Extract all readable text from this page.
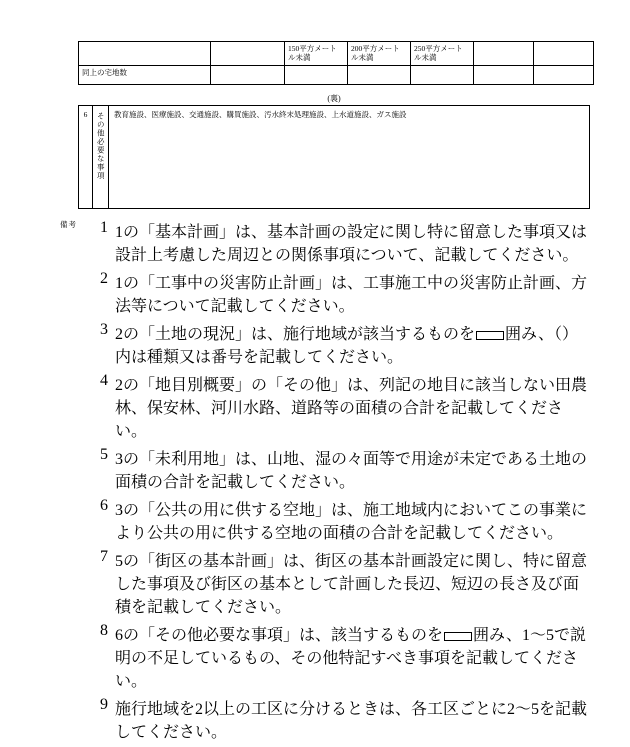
		150平方メートル未満	200平方メートル未満	250平方メートル未満		
同上の宅地数						
(裏)
6	その他必要な事項	教育施設、医療施設、交通施設、購買施設、汚水終末処理施設、上水道施設、ガス施設
備考	1 1の「基本計画」は、基本計画の設定に関し特に留意した事項又は設計上考慮した周辺との関係事項について、記載してください。
2 1の「工事中の災害防止計画」は、工事施工中の災害防止計画、方法等について記載してください。
3 2の「土地の現況」は、施行地域が該当するものを 囲み、（）内は種類又は番号を記載してください。
4 2の「地目別概要」の「その他」は、列記の地目に該当しない田農林、保安林、河川水路、道路等の面積の合計を記載してください。
5 3の「未利用地」は、山地、湿の々面等で用途が未定である土地の面積の合計を記載してください。
6 3の「公共の用に供する空地」は、施工地域内においてこの事業により公共の用に供する空地の面積の合計を記載してください。
7 5の「街区の基本計画」は、街区の基本計画設定に関し、特に留意した事項及び街区の基本として計画した長辺、短辺の長さ及び面積を記載してください。
8 6の「その他必要な事項」は、該当するものを 囲み、1～5で説明の不足しているもの、その他特記すべき事項を記載してください。
9 施行地域を2以上の工区に分けるときは、各工区ごとに2～5を記載してください。
